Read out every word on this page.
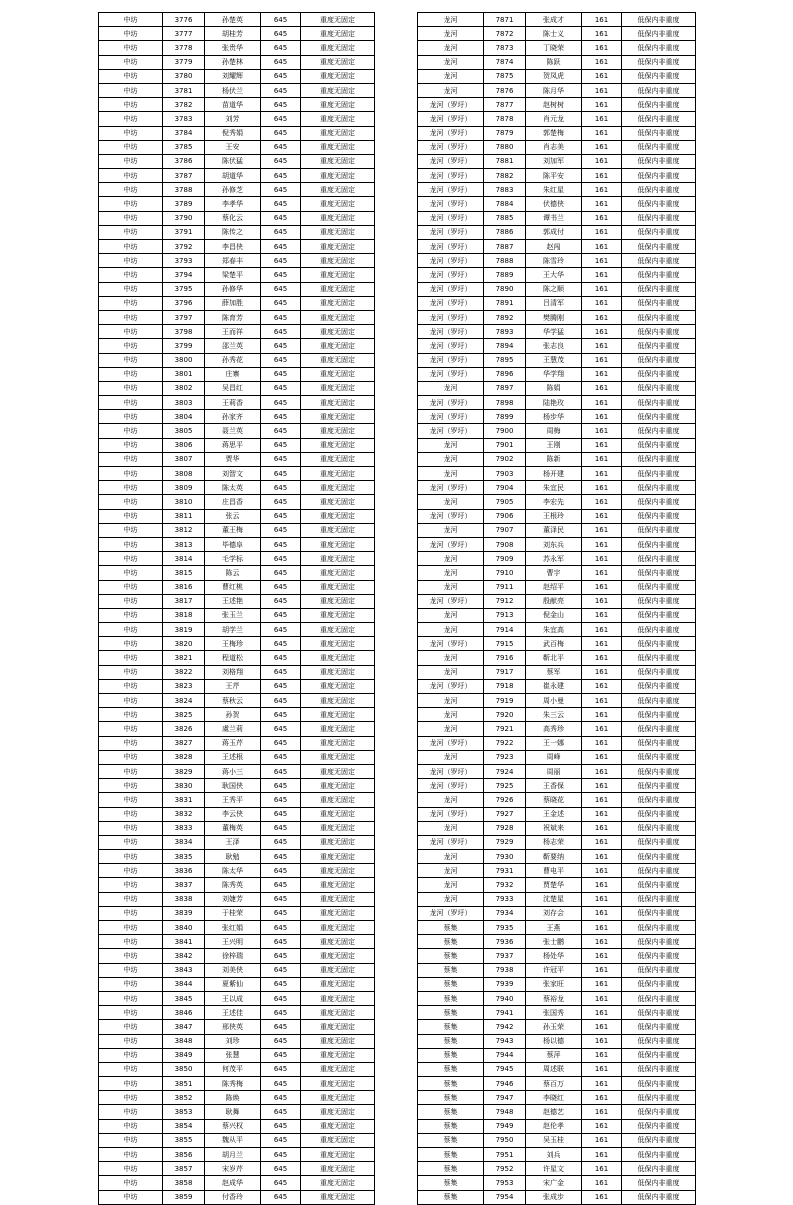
中坊	3776	孙楚英	645	重度无固定
中坊	3777	胡桂芳	645	重度无固定
中坊	3778	张贵华	645	重度无固定
中坊	3779	孙楚林	645	重度无固定
中坊	3780	刘耀辉	645	重度无固定
中坊	3781	杨伏兰	645	重度无固定
中坊	3782	苗道华	645	重度无固定
中坊	3783	刘芳	645	重度无固定
中坊	3784	倪秀娟	645	重度无固定
中坊	3785	王安	645	重度无固定
中坊	3786	陈伏猛	645	重度无固定
中坊	3787	胡道华	645	重度无固定
中坊	3788	孙修芝	645	重度无固定
中坊	3789	李孝华	645	重度无固定
中坊	3790	蔡化云	645	重度无固定
中坊	3791	陈传之	645	重度无固定
中坊	3792	李昌侠	645	重度无固定
中坊	3793	郑春丰	645	重度无固定
中坊	3794	梁楚平	645	重度无固定
中坊	3795	孙修华	645	重度无固定
中坊	3796	薛加胜	645	重度无固定
中坊	3797	陈育芳	645	重度无固定
中坊	3798	王而祥	645	重度无固定
中坊	3799	邵兰英	645	重度无固定
中坊	3800	孙秀花	645	重度无固定
中坊	3801	庄寨	645	重度无固定
中坊	3802	吴昌红	645	重度无固定
中坊	3803	王莉香	645	重度无固定
中坊	3804	孙家齐	645	重度无固定
中坊	3805	聂兰英	645	重度无固定
中坊	3806	蒋思平	645	重度无固定
中坊	3807	贾华	645	重度无固定
中坊	3808	刘智文	645	重度无固定
中坊	3809	陈太英	645	重度无固定
中坊	3810	庄昌香	645	重度无固定
中坊	3811	张云	645	重度无固定
中坊	3812	董王梅	645	重度无固定
中坊	3813	毕德阜	645	重度无固定
中坊	3814	毛学标	645	重度无固定
中坊	3815	陈云	645	重度无固定
中坊	3816	曹红桃	645	重度无固定
中坊	3817	王述艳	645	重度无固定
中坊	3818	张玉兰	645	重度无固定
中坊	3819	胡学兰	645	重度无固定
中坊	3820	王梅珍	645	重度无固定
中坊	3821	程道松	645	重度无固定
中坊	3822	刘格翔	645	重度无固定
中坊	3823	王芹	645	重度无固定
中坊	3824	蔡秋云	645	重度无固定
中坊	3825	孙贺	645	重度无固定
中坊	3826	虞兰莉	645	重度无固定
中坊	3827	蒋玉芹	645	重度无固定
中坊	3828	王述根	645	重度无固定
中坊	3829	蒋小三	645	重度无固定
中坊	3830	耿国侠	645	重度无固定
中坊	3831	王秀平	645	重度无固定
中坊	3832	李云侠	645	重度无固定
中坊	3833	董梅英	645	重度无固定
中坊	3834	王泽	645	重度无固定
中坊	3835	耿勉	645	重度无固定
中坊	3836	陈太华	645	重度无固定
中坊	3837	陈秀英	645	重度无固定
中坊	3838	刘婕芳	645	重度无固定
中坊	3839	于桂荣	645	重度无固定
中坊	3840	张红娟	645	重度无固定
中坊	3841	王兴明	645	重度无固定
中坊	3842	徐梓瑞	645	重度无固定
中坊	3843	刘美侠	645	重度无固定
中坊	3844	夏紫仙	645	重度无固定
中坊	3845	王以成	645	重度无固定
中坊	3846	王述佳	645	重度无固定
中坊	3847	邢侠英	645	重度无固定
中坊	3848	刘珍	645	重度无固定
中坊	3849	张慧	645	重度无固定
中坊	3850	何茂平	645	重度无固定
中坊	3851	陈秀梅	645	重度无固定
中坊	3852	陈焕	645	重度无固定
中坊	3853	耿舞	645	重度无固定
中坊	3854	蔡兴权	645	重度无固定
中坊	3855	魏从平	645	重度无固定
中坊	3856	胡月兰	645	重度无固定
中坊	3857	宋岁芹	645	重度无固定
中坊	3858	赵成华	645	重度无固定
中坊	3859	付香玲	645	重度无固定
龙河	7871	张成才	161	低保内非重度
龙河	7872	陈士义	161	低保内非重度
龙河	7873	丁晓荣	161	低保内非重度
龙河	7874	陈跃	161	低保内非重度
龙河	7875	贺凤虎	161	低保内非重度
龙河	7876	陈月华	161	低保内非重度
龙河（罗圩）	7877	赵树树	161	低保内非重度
龙河（罗圩）	7878	肖元龙	161	低保内非重度
龙河（罗圩）	7879	郭楚梅	161	低保内非重度
龙河（罗圩）	7880	肖志美	161	低保内非重度
龙河（罗圩）	7881	刘加军	161	低保内非重度
龙河（罗圩）	7882	陈平安	161	低保内非重度
龙河（罗圩）	7883	朱红星	161	低保内非重度
龙河（罗圩）	7884	伏德侠	161	低保内非重度
龙河（罗圩）	7885	谭书兰	161	低保内非重度
龙河（罗圩）	7886	郭成付	161	低保内非重度
龙河（罗圩）	7887	赵闯	161	低保内非重度
龙河（罗圩）	7888	陈雪玲	161	低保内非重度
龙河（罗圩）	7889	王大华	161	低保内非重度
龙河（罗圩）	7890	陈之顺	161	低保内非重度
龙河（罗圩）	7891	吕清军	161	低保内非重度
龙河（罗圩）	7892	樊腾刚	161	低保内非重度
龙河（罗圩）	7893	华学猛	161	低保内非重度
龙河（罗圩）	7894	张志良	161	低保内非重度
龙河（罗圩）	7895	王慧茂	161	低保内非重度
龙河（罗圩）	7896	华学翔	161	低保内非重度
龙河	7897	陈娟	161	低保内非重度
龙河（罗圩）	7898	陆艳玫	161	低保内非重度
龙河（罗圩）	7899	杨步华	161	低保内非重度
龙河（罗圩）	7900	周梅	161	低保内非重度
龙河	7901	王刚	161	低保内非重度
龙河	7902	陈新	161	低保内非重度
龙河	7903	杨开建	161	低保内非重度
龙河（罗圩）	7904	朱宜民	161	低保内非重度
龙河	7905	李宏先	161	低保内非重度
龙河（罗圩）	7906	王根玲	161	低保内非重度
龙河	7907	董泽民	161	低保内非重度
龙河（罗圩）	7908	刘东兵	161	低保内非重度
龙河	7909	苏永军	161	低保内非重度
龙河	7910	曹宇	161	低保内非重度
龙河	7911	赵绍平	161	低保内非重度
龙河（罗圩）	7912	殷献亮	161	低保内非重度
龙河	7913	倪金山	161	低保内非重度
龙河	7914	朱宜高	161	低保内非重度
龙河（罗圩）	7915	武百梅	161	低保内非重度
龙河	7916	靳北平	161	低保内非重度
龙河	7917	蔡军	161	低保内非重度
龙河（罗圩）	7918	崔永建	161	低保内非重度
龙河	7919	周小曼	161	低保内非重度
龙河	7920	朱三云	161	低保内非重度
龙河	7921	高秀珍	161	低保内非重度
龙河（罗圩）	7922	王一娜	161	低保内非重度
龙河	7923	周峰	161	低保内非重度
龙河（罗圩）	7924	周丽	161	低保内非重度
龙河（罗圩）	7925	王香保	161	低保内非重度
龙河	7926	蔡晓花	161	低保内非重度
龙河（罗圩）	7927	王金述	161	低保内非重度
龙河	7928	祝斌来	161	低保内非重度
龙河（罗圩）	7929	杨志荣	161	低保内非重度
龙河	7930	靳要纳	161	低保内非重度
龙河	7931	曹电平	161	低保内非重度
龙河	7932	贾楚华	161	低保内非重度
龙河	7933	沈楚星	161	低保内非重度
龙河（罗圩）	7934	刘存会	161	低保内非重度
蔡集	7935	王燕	161	低保内非重度
蔡集	7936	张士鹏	161	低保内非重度
蔡集	7937	杨处华	161	低保内非重度
蔡集	7938	许冠平	161	低保内非重度
蔡集	7939	张家旺	161	低保内非重度
蔡集	7940	蔡裕龙	161	低保内非重度
蔡集	7941	张国秀	161	低保内非重度
蔡集	7942	孙玉荣	161	低保内非重度
蔡集	7943	杨以德	161	低保内非重度
蔡集	7944	蔡萍	161	低保内非重度
蔡集	7945	周述联	161	低保内非重度
蔡集	7946	蔡百万	161	低保内非重度
蔡集	7947	李晓红	161	低保内非重度
蔡集	7948	赵德艺	161	低保内非重度
蔡集	7949	赵伦孝	161	低保内非重度
蔡集	7950	吴玉桂	161	低保内非重度
蔡集	7951	刘兵	161	低保内非重度
蔡集	7952	许星文	161	低保内非重度
蔡集	7953	宋广金	161	低保内非重度
蔡集	7954	张成步	161	低保内非重度
